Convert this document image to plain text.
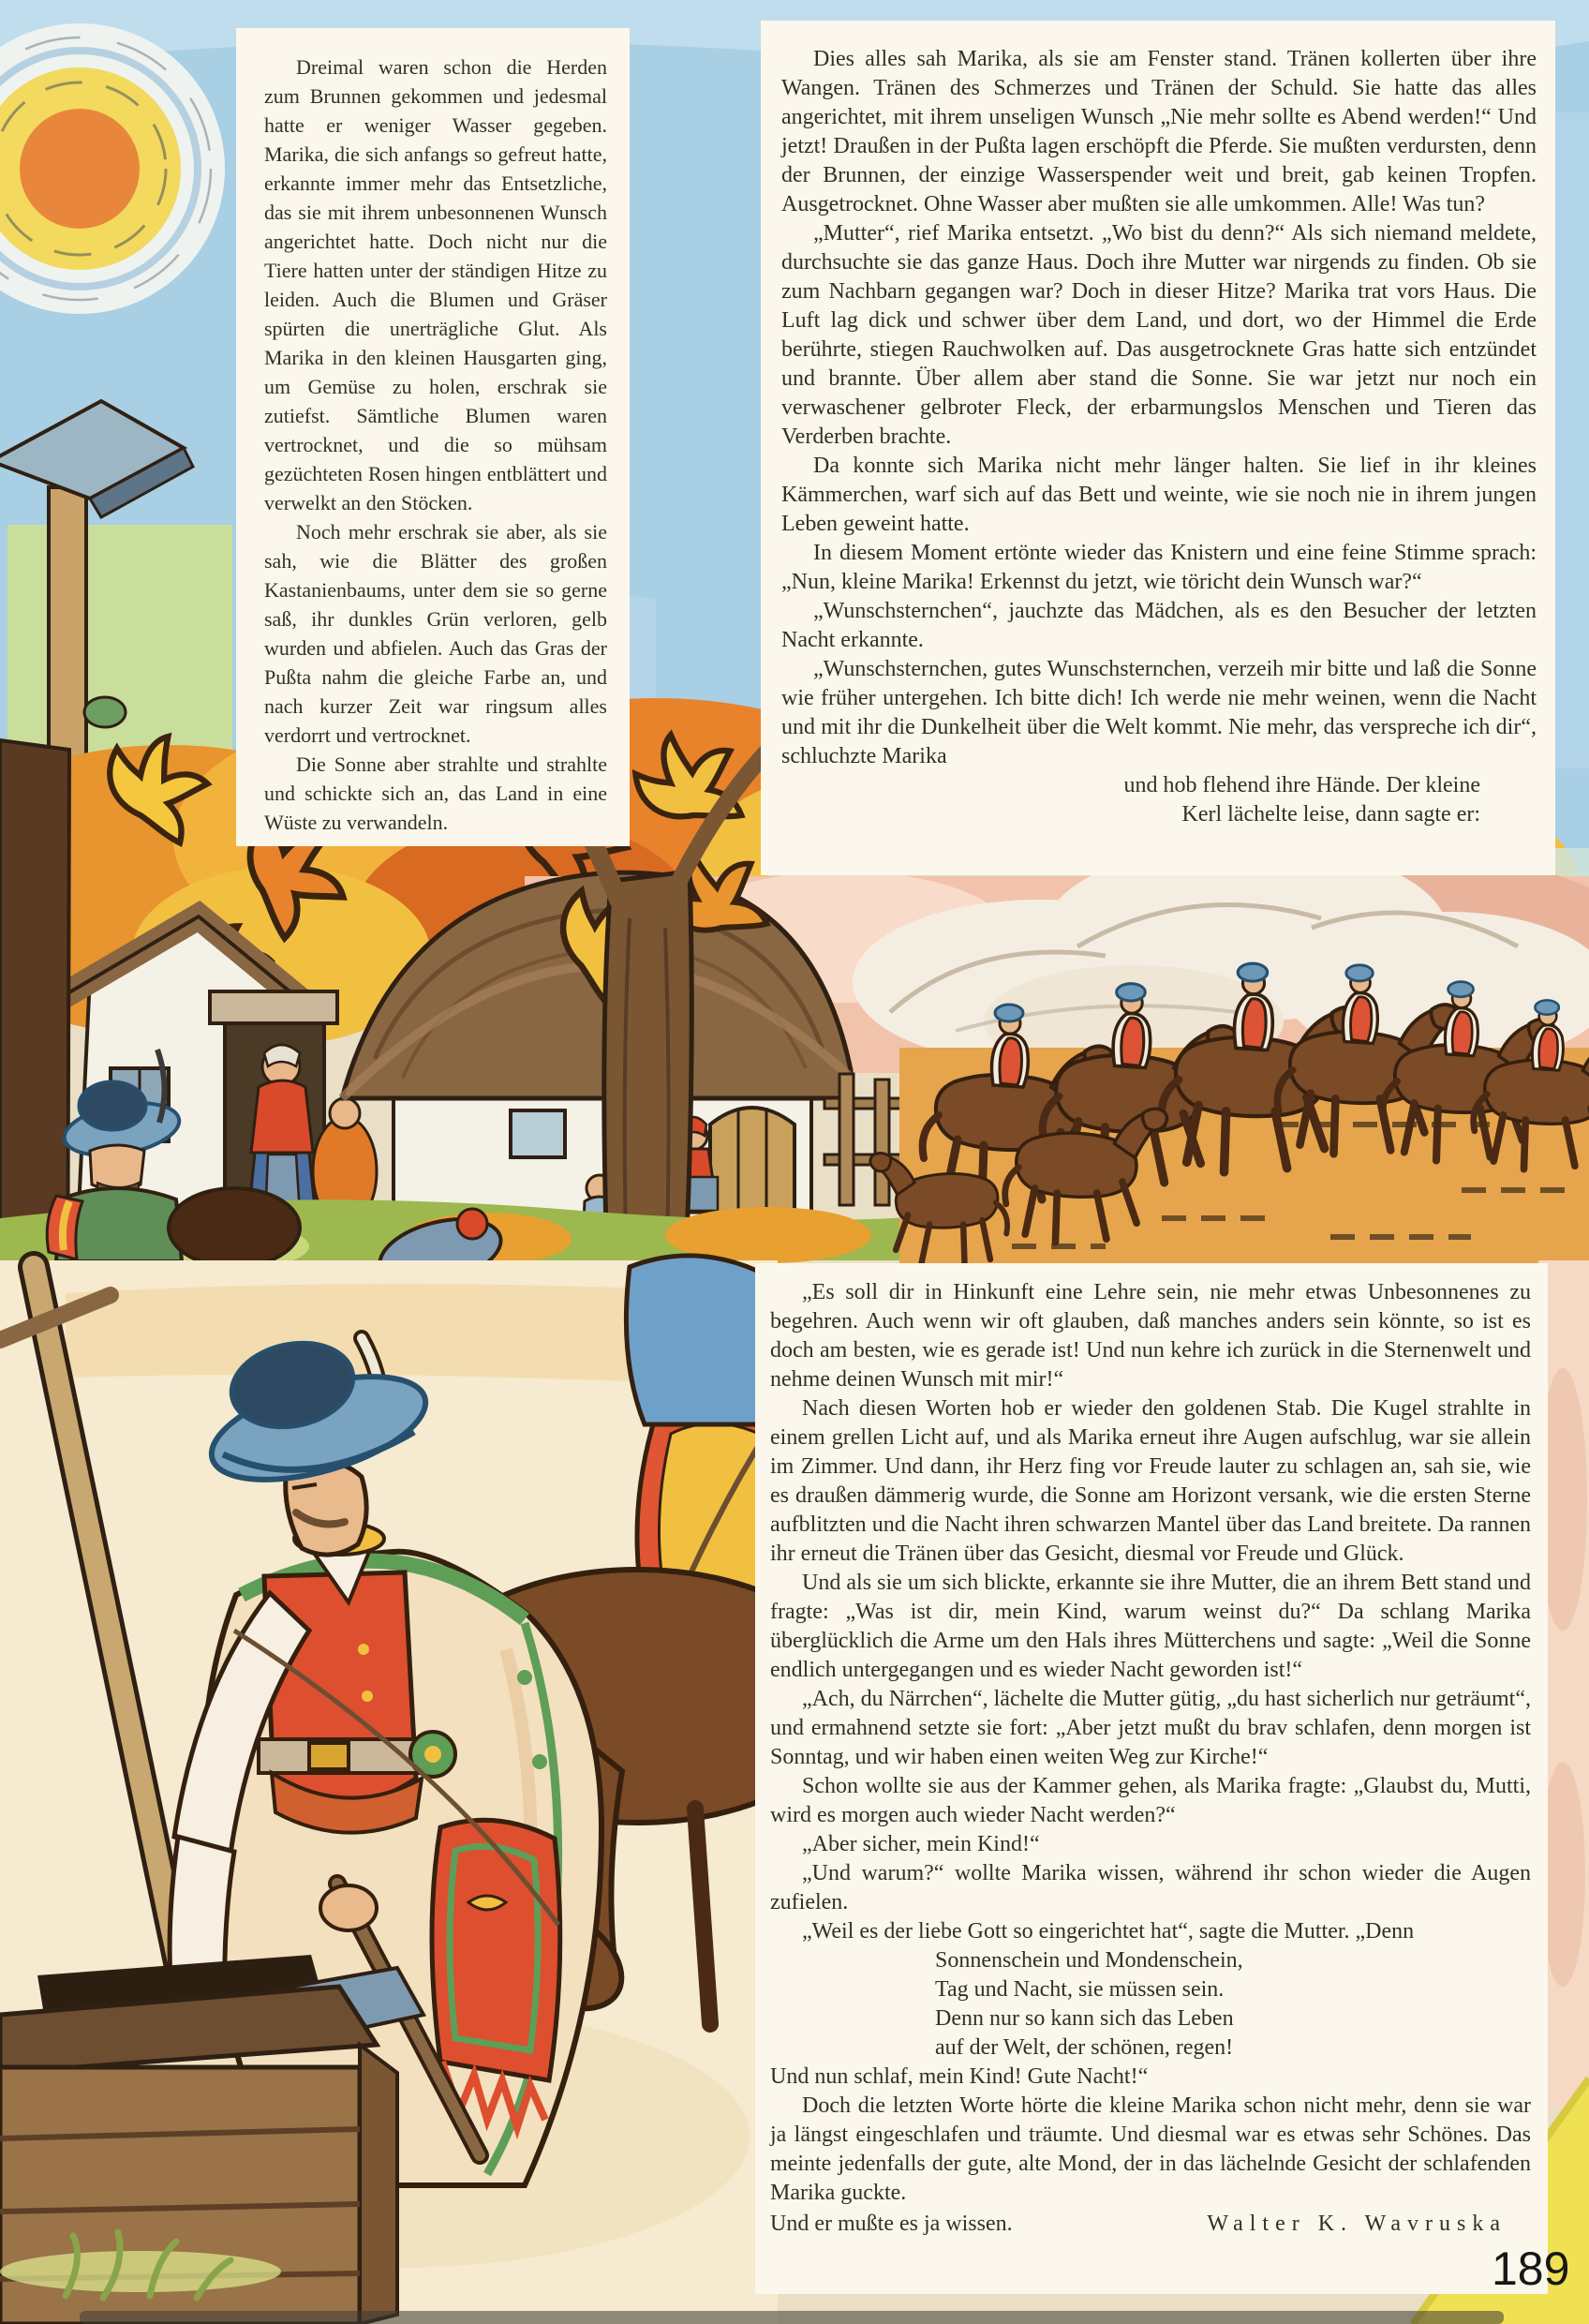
Dreimal waren schon die Herden zum Brunnen gekommen und jedesmal hatte er weniger Wasser gegeben. Marika, die sich anfangs so gefreut hatte, erkannte immer mehr das Entsetzliche, das sie mit ihrem unbesonnenen Wunsch angerichtet hatte. Doch nicht nur die Tiere hatten unter der ständigen Hitze zu leiden. Auch die Blumen und Gräser spürten die unerträgliche Glut. Als Marika in den kleinen Hausgarten ging, um Gemüse zu holen, erschrak sie zutiefst. Sämtliche Blumen waren vertrocknet, und die so mühsam gezüchteten Rosen hingen entblättert und verwelkt an den Stöcken.

Noch mehr erschrak sie aber, als sie sah, wie die Blätter des großen Kastanienbaums, unter dem sie so gerne saß, ihr dunkles Grün verloren, gelb wurden und abfielen. Auch das Gras der Pußta nahm die gleiche Farbe an, und nach kurzer Zeit war ringsum alles verdorrt und vertrocknet.

Die Sonne aber strahlte und strahlte und schickte sich an, das Land in eine Wüste zu verwandeln.

Dies alles sah Marika, als sie am Fenster stand. Tränen kollerten über ihre Wangen. Tränen des Schmerzes und Tränen der Schuld. Sie hatte das alles angerichtet, mit ihrem unseligen Wunsch „Nie mehr sollte es Abend werden!“ Und jetzt! Draußen in der Pußta lagen erschöpft die Pferde. Sie mußten verdursten, denn der Brunnen, der einzige Wasserspender weit und breit, gab keinen Tropfen. Ausgetrocknet. Ohne Wasser aber mußten sie alle umkommen. Alle! Was tun?

„Mutter“, rief Marika entsetzt. „Wo bist du denn?“ Als sich niemand meldete, durchsuchte sie das ganze Haus. Doch ihre Mutter war nirgends zu finden. Ob sie zum Nachbarn gegangen war? Doch in dieser Hitze? Marika trat vors Haus. Die Luft lag dick und schwer über dem Land, und dort, wo der Himmel die Erde berührte, stiegen Rauchwolken auf. Das ausgetrocknete Gras hatte sich entzündet und brannte. Über allem aber stand die Sonne. Sie war jetzt nur noch ein verwaschener gelbroter Fleck, der erbarmungslos Menschen und Tieren das Verderben brachte.

Da konnte sich Marika nicht mehr länger halten. Sie lief in ihr kleines Kämmerchen, warf sich auf das Bett und weinte, wie sie noch nie in ihrem jungen Leben geweint hatte.

In diesem Moment ertönte wieder das Knistern und eine feine Stimme sprach: „Nun, kleine Marika! Erkennst du jetzt, wie töricht dein Wunsch war?“

„Wunschsternchen“, jauchzte das Mädchen, als es den Besucher der letzten Nacht erkannte.

„Wunschsternchen, gutes Wunschsternchen, verzeih mir bitte und laß die Sonne wie früher untergehen. Ich bitte dich! Ich werde nie mehr weinen, wenn die Nacht und mit ihr die Dunkelheit über die Welt kommt. Nie mehr, das verspreche ich dir“, schluchzte Marika

und hob flehend ihre Hände. Der kleine
Kerl lächelte leise, dann sagte er:

„Es soll dir in Hinkunft eine Lehre sein, nie mehr etwas Unbesonnenes zu begehren. Auch wenn wir oft glauben, daß manches anders sein könnte, so ist es doch am besten, wie es gerade ist! Und nun kehre ich zurück in die Sternenwelt und nehme deinen Wunsch mit mir!“

Nach diesen Worten hob er wieder den goldenen Stab. Die Kugel strahlte in einem grellen Licht auf, und als Marika erneut ihre Augen aufschlug, war sie allein im Zimmer. Und dann, ihr Herz fing vor Freude lauter zu schlagen an, sah sie, wie es draußen dämmerig wurde, die Sonne am Horizont versank, wie die ersten Sterne aufblitzten und die Nacht ihren schwarzen Mantel über das Land breitete. Da rannen ihr erneut die Tränen über das Gesicht, diesmal vor Freude und Glück.

Und als sie um sich blickte, erkannte sie ihre Mutter, die an ihrem Bett stand und fragte: „Was ist dir, mein Kind, warum weinst du?“ Da schlang Marika überglücklich die Arme um den Hals ihres Mütterchens und sagte: „Weil die Sonne endlich untergegangen und es wieder Nacht geworden ist!“

„Ach, du Närrchen“, lächelte die Mutter gütig, „du hast sicherlich nur geträumt“, und ermahnend setzte sie fort: „Aber jetzt mußt du brav schlafen, denn morgen ist Sonntag, und wir haben einen weiten Weg zur Kirche!“

Schon wollte sie aus der Kammer gehen, als Marika fragte: „Glaubst du, Mutti, wird es morgen auch wieder Nacht werden?“

„Aber sicher, mein Kind!“

„Und warum?“ wollte Marika wissen, während ihr schon wieder die Augen zufielen.

„Weil es der liebe Gott so eingerichtet hat“, sagte die Mutter. „Denn

Sonnenschein und Mondenschein,
Tag und Nacht, sie müssen sein.
Denn nur so kann sich das Leben
auf der Welt, der schönen, regen!

Und nun schlaf, mein Kind! Gute Nacht!“

Doch die letzten Worte hörte die kleine Marika schon nicht mehr, denn sie war ja längst eingeschlafen und träumte. Und diesmal war es etwas sehr Schönes. Das meinte jedenfalls der gute, alte Mond, der in das lächelnde Gesicht der schlafenden Marika guckte.

Und er mußte es ja wissen.	Walter K. Wavruska
189
